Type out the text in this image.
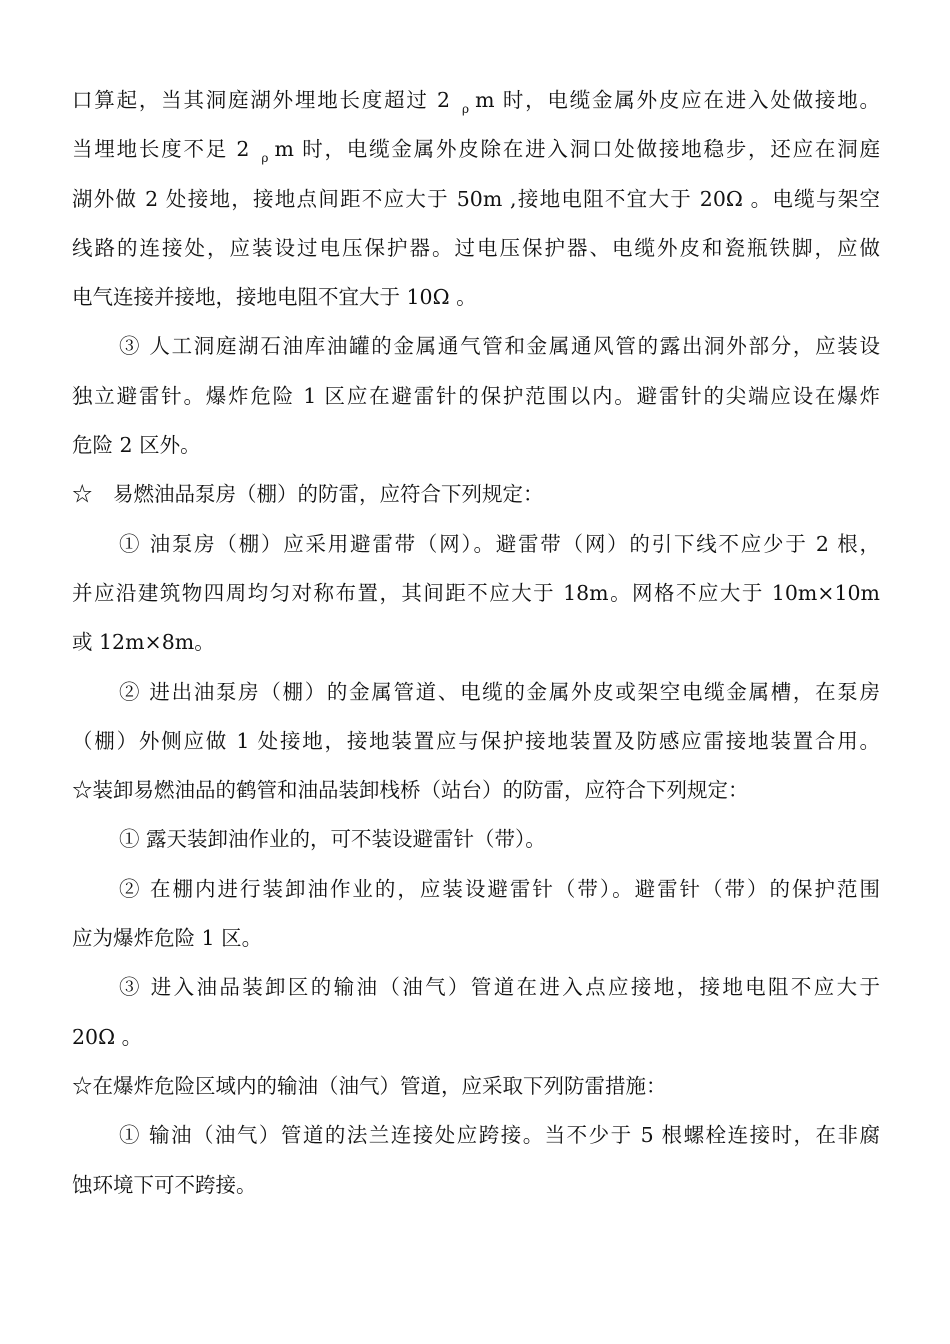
口算起，当其洞庭湖外埋地长度超过 2 $_\rho$ m 时，电缆金属外皮应在进入处做接地。
当埋地长度不足 2 $_\rho$ m 时，电缆金属外皮除在进入洞口处做接地稳步，还应在洞庭
湖外做 2 处接地，接地点间距不应大于 50m ,接地电阻不宜大于 20Ω 。电缆与架空
线路的连接处，应装设过电压保护器。过电压保护器、电缆外皮和瓷瓶铁脚，应做
电气连接并接地，接地电阻不宜大于 10Ω 。
③ 人工洞庭湖石油库油罐的金属通气管和金属通风管的露出洞外部分，应装设
独立避雷针。爆炸危险 1 区应在避雷针的保护范围以内。避雷针的尖端应设在爆炸
危险 2 区外。
☆　易燃油品泵房（棚）的防雷，应符合下列规定：
① 油泵房（棚）应采用避雷带（网）。避雷带（网）的引下线不应少于 2 根，
并应沿建筑物四周均匀对称布置，其间距不应大于 18m。网格不应大于 10m×10m
或 12m×8m。
② 进出油泵房（棚）的金属管道、电缆的金属外皮或架空电缆金属槽，在泵房
（棚）外侧应做 1 处接地，接地装置应与保护接地装置及防感应雷接地装置合用。
☆装卸易燃油品的鹤管和油品装卸栈桥（站台）的防雷，应符合下列规定：
① 露天装卸油作业的，可不装设避雷针（带）。
② 在棚内进行装卸油作业的，应装设避雷针（带）。避雷针（带）的保护范围
应为爆炸危险 1 区。
③ 进入油品装卸区的输油（油气）管道在进入点应接地，接地电阻不应大于
20Ω 。
☆在爆炸危险区域内的输油（油气）管道，应采取下列防雷措施：
① 输油（油气）管道的法兰连接处应跨接。当不少于 5 根螺栓连接时，在非腐
蚀环境下可不跨接。
